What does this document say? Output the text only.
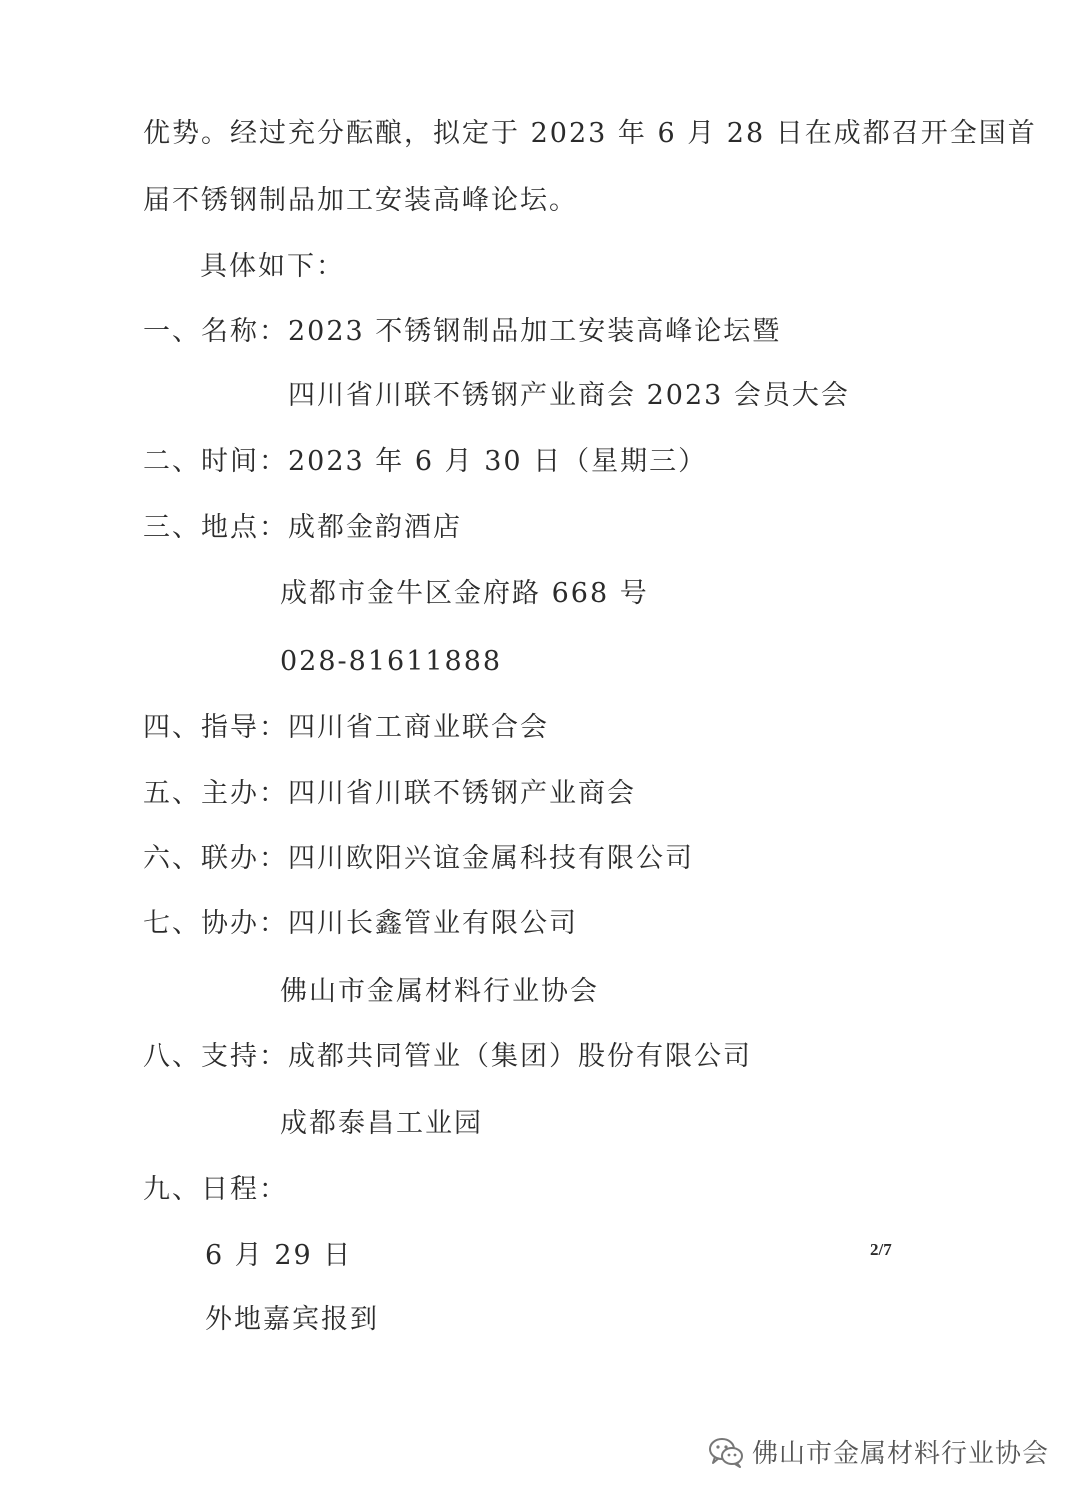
优势。经过充分酝酿，拟定于 2023 年 6 月 28 日在成都召开全国首
届不锈钢制品加工安装高峰论坛。
具体如下：
一、名称：2023 不锈钢制品加工安装高峰论坛暨
四川省川联不锈钢产业商会 2023 会员大会
二、时间：2023 年 6 月 30 日（星期三）
三、地点：成都金韵酒店
成都市金牛区金府路 668 号
028-81611888
四、指导：四川省工商业联合会
五、主办：四川省川联不锈钢产业商会
六、联办：四川欧阳兴谊金属科技有限公司
七、协办：四川长鑫管业有限公司
佛山市金属材料行业协会
八、支持：成都共同管业（集团）股份有限公司
成都泰昌工业园
九、日程：
6 月 29 日
外地嘉宾报到
2/7
佛山市金属材料行业协会
